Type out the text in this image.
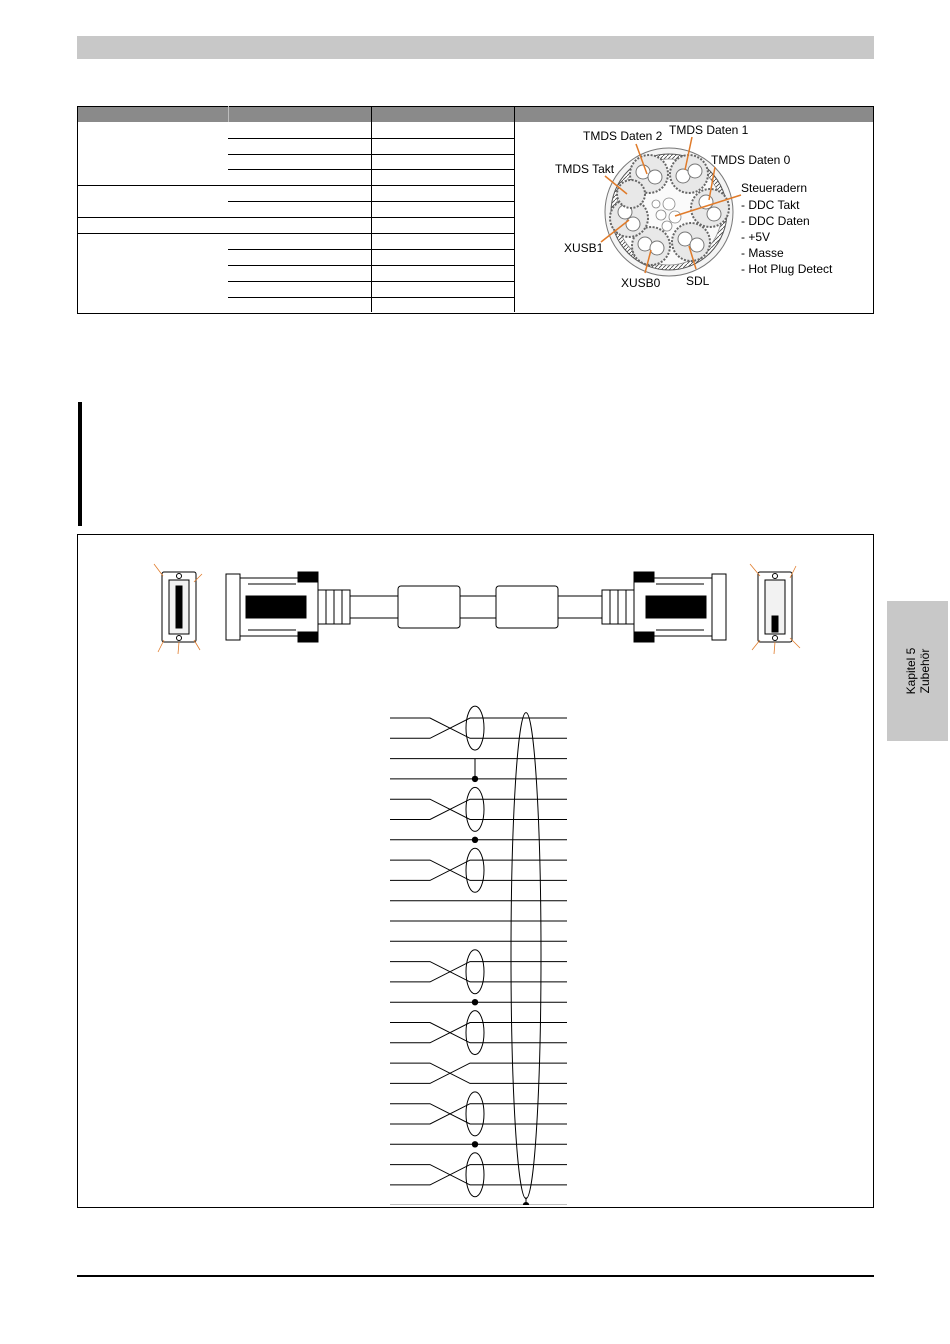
TMDS Daten 2 TMDS Daten 1
TMDS Daten 0
TMDS Takt
Steueradern
- DDC Takt
- DDC Daten
- +5V
- Masse
- Hot Plug Detect
XUSB1
XUSB0 SDL
Kapitel 5 Zubehör
